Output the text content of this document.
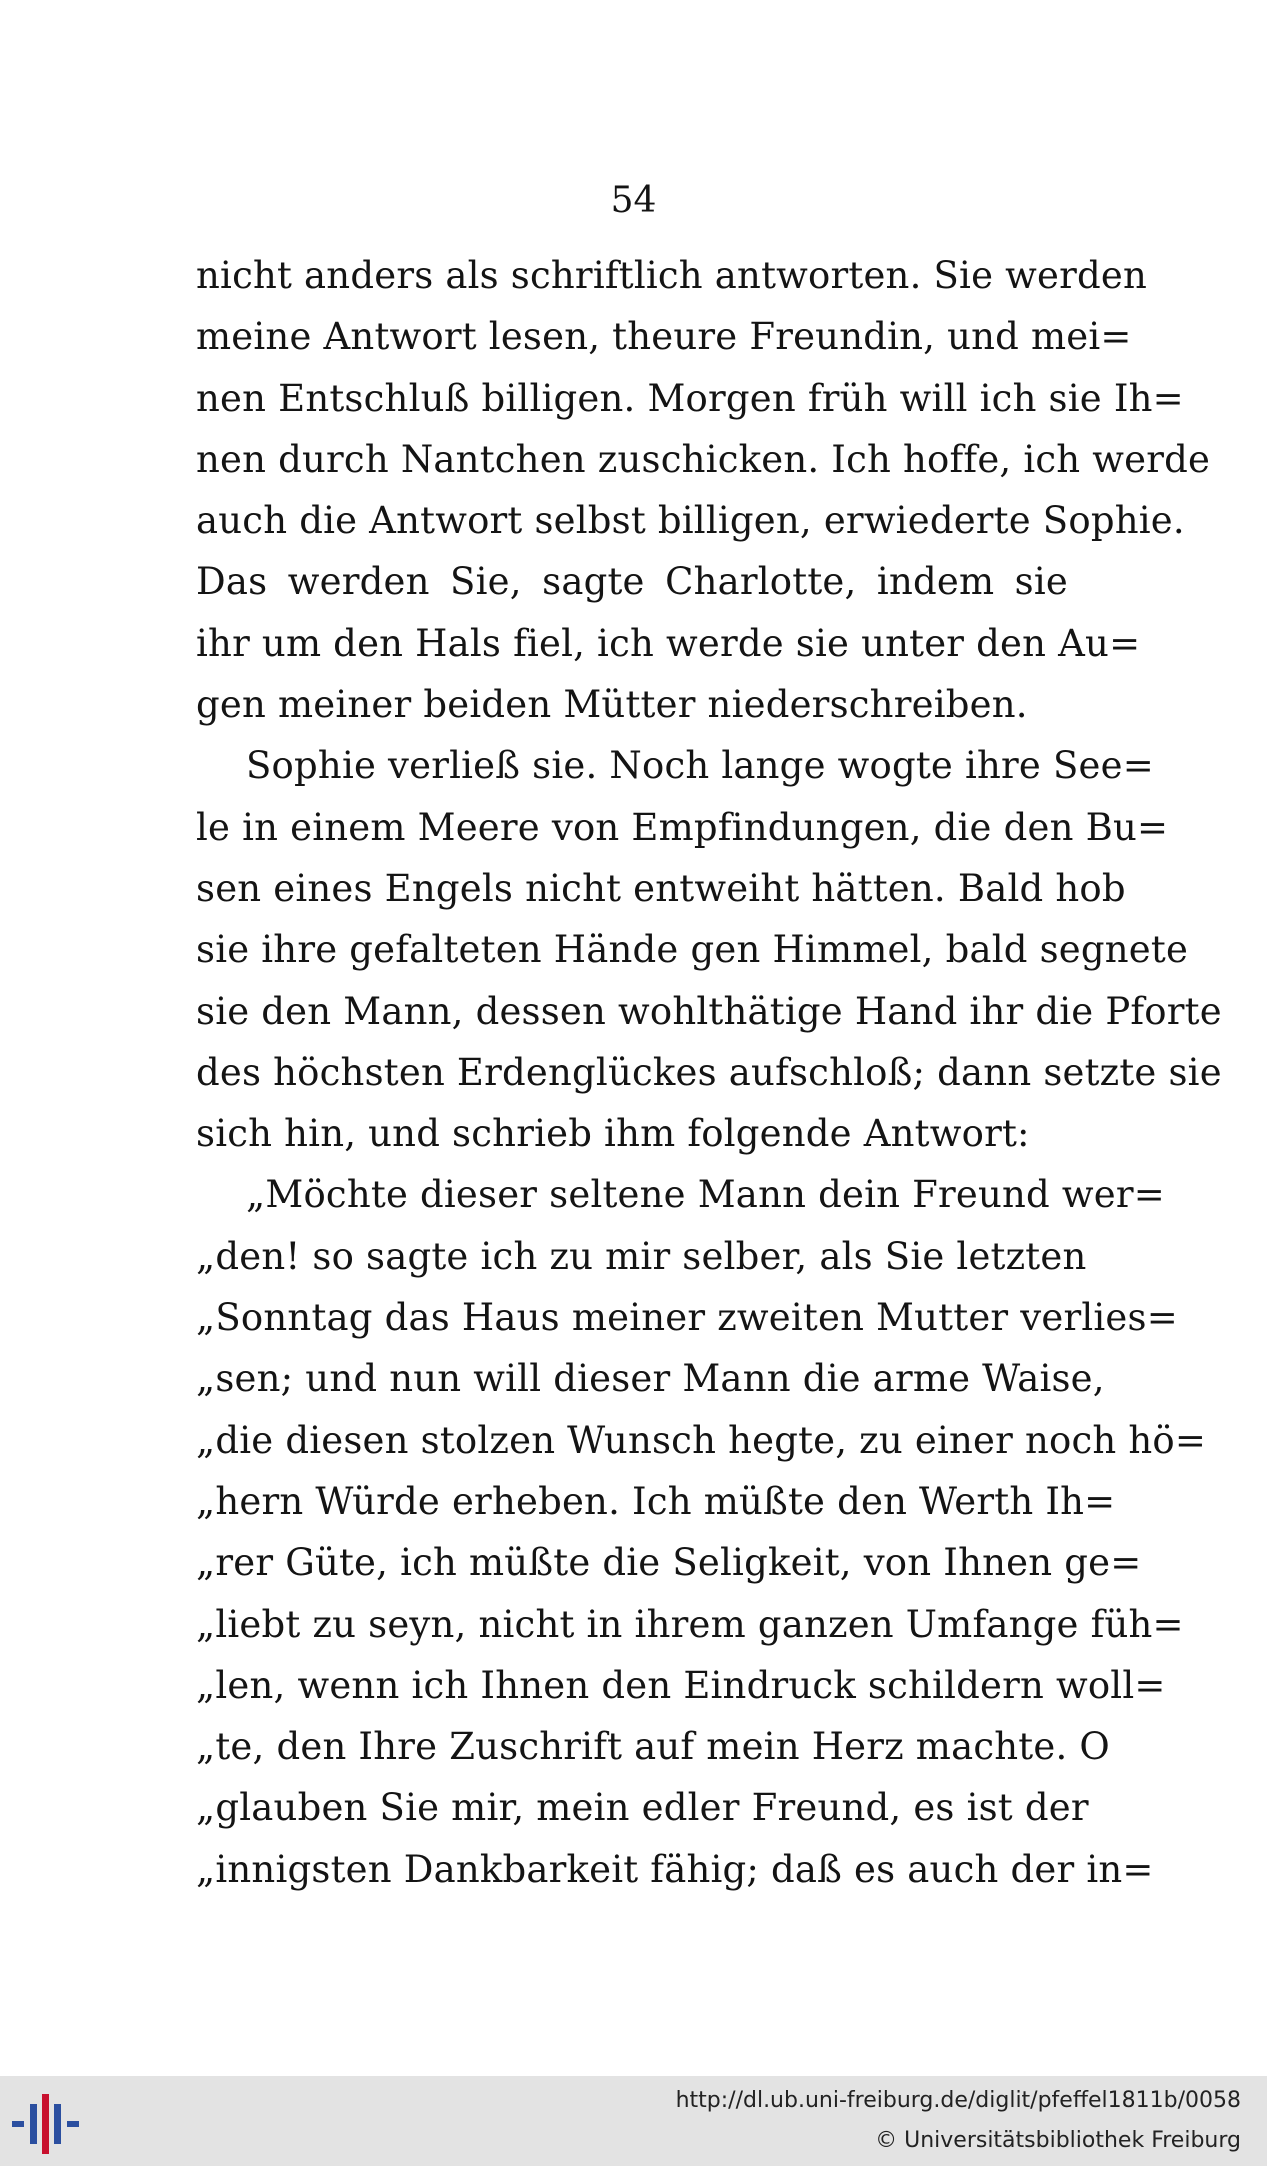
54
nicht anders als schriftlich antworten. Sie werden
meine Antwort lesen, theure Freundin, und mei=
nen Entschluß billigen. Morgen früh will ich sie Ih=
nen durch Nantchen zuschicken. Ich hoffe, ich werde
auch die Antwort selbst billigen, erwiederte Sophie.
Das werden Sie, sagte Charlotte, indem sie
ihr um den Hals fiel, ich werde sie unter den Au=
gen meiner beiden Mütter niederschreiben.
Sophie verließ sie. Noch lange wogte ihre See=
le in einem Meere von Empfindungen, die den Bu=
sen eines Engels nicht entweiht hätten. Bald hob
sie ihre gefalteten Hände gen Himmel, bald segnete
sie den Mann, dessen wohlthätige Hand ihr die Pforte
des höchsten Erdenglückes aufschloß; dann setzte sie
sich hin, und schrieb ihm folgende Antwort:
„Möchte dieser seltene Mann dein Freund wer=
„den! so sagte ich zu mir selber, als Sie letzten
„Sonntag das Haus meiner zweiten Mutter verlies=
„sen; und nun will dieser Mann die arme Waise,
„die diesen stolzen Wunsch hegte, zu einer noch hö=
„hern Würde erheben. Ich müßte den Werth Ih=
„rer Güte, ich müßte die Seligkeit, von Ihnen ge=
„liebt zu seyn, nicht in ihrem ganzen Umfange füh=
„len, wenn ich Ihnen den Eindruck schildern woll=
„te, den Ihre Zuschrift auf mein Herz machte. O
„glauben Sie mir, mein edler Freund, es ist der
„innigsten Dankbarkeit fähig; daß es auch der in=
http://dl.ub.uni-freiburg.de/diglit/pfeffel1811b/0058
© Universitätsbibliothek Freiburg
